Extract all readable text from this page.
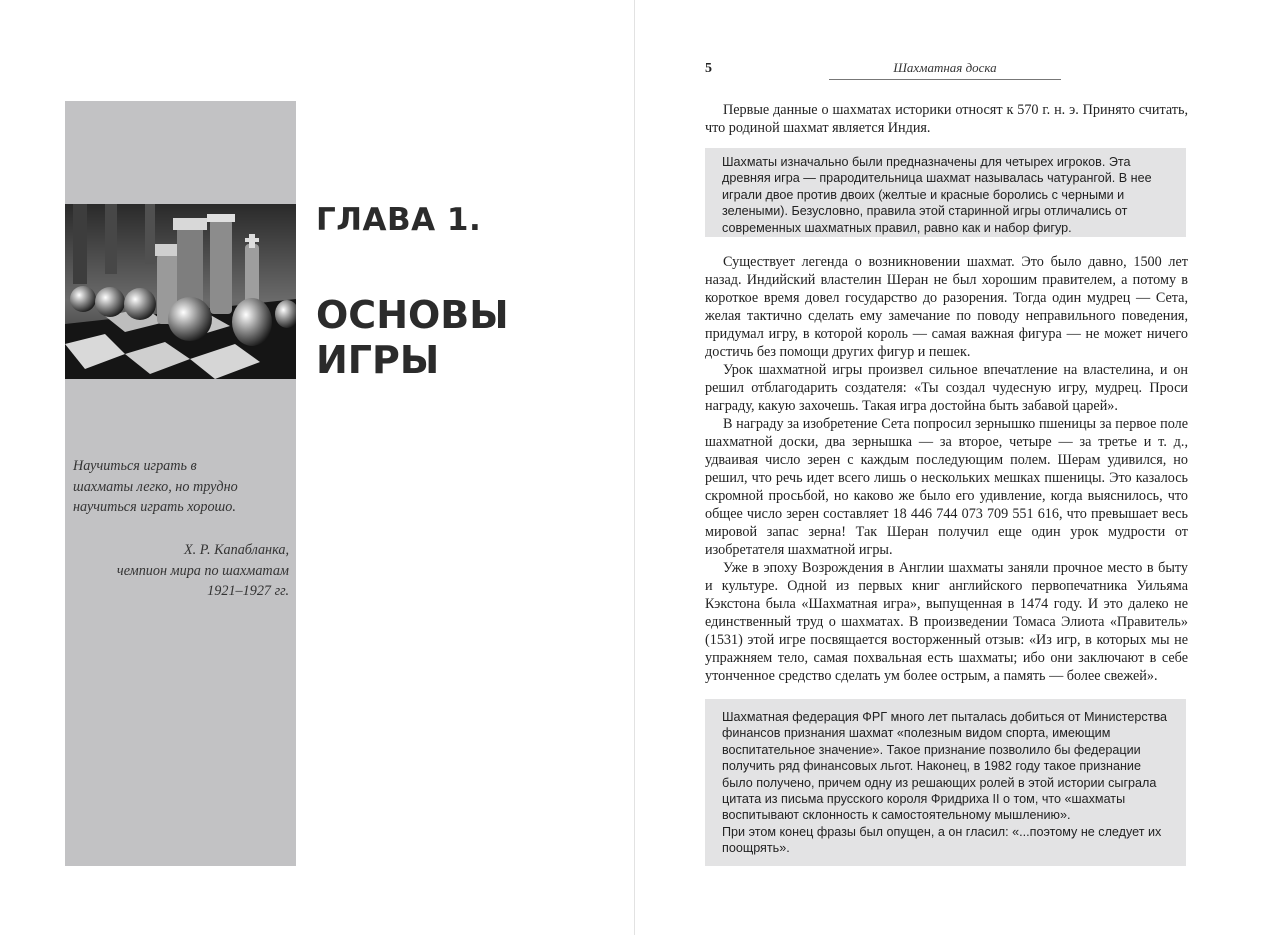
ГЛАВА 1.
ОСНОВЫ
ИГРЫ

Научиться играть в

шахматы легко, но трудно

научиться играть хорошо.

Х. Р. Капабланка,
чемпион мира по шахматам
1921–1927 гг.
5	Шахматная доска

Первые данные о шахматах историки относят к 570 г. н. э. Принято считать, что родиной шахмат является Индия.

Шахматы изначально были предназначены для четырех игроков. Эта древняя игра — прародительница шахмат называлась чатурангой. В нее играли двое против двоих (желтые и красные боролись с черными и зелеными). Безусловно, правила этой старинной игры отличались от современных шахматных правил, равно как и набор фигур.

Существует легенда о возникновении шахмат. Это было давно, 1500 лет назад. Индийский властелин Шеран не был хорошим правителем, а потому в короткое время довел государство до разорения. Тогда один мудрец — Сета, желая тактично сделать ему замечание по поводу неправильного поведения, придумал игру, в которой король — самая важная фигура — не может ничего достичь без помощи других фигур и пешек.

Урок шахматной игры произвел сильное впечатление на властелина, и он решил отблагодарить создателя: «Ты создал чудесную игру, мудрец. Проси награду, какую захочешь. Такая игра достойна быть забавой царей».

В награду за изобретение Сета попросил зернышко пшеницы за первое поле шахматной доски, два зернышка — за второе, четыре — за третье и т. д., удваивая число зерен с каждым последующим полем. Шерам удивился, но решил, что речь идет всего лишь о нескольких мешках пшеницы. Это казалось скромной просьбой, но каково же было его удивление, когда выяснилось, что общее число зерен составляет 18 446 744 073 709 551 616, что превышает весь мировой запас зерна! Так Шеран получил еще один урок мудрости от изобретателя шахматной игры.

Уже в эпоху Возрождения в Англии шахматы заняли прочное место в быту и культуре. Одной из первых книг английского первопечатника Уильяма Кэкстона была «Шахматная игра», выпущенная в 1474 году. И это далеко не единственный труд о шахматах. В произведении Томаса Элиота «Правитель» (1531) этой игре посвящается восторженный отзыв: «Из игр, в которых мы не упражняем тело, самая похвальная есть шахматы; ибо они заключают в себе утонченное средство сделать ум более острым, а память — более свежей».

Шахматная федерация ФРГ много лет пыталась добиться от Министерства финансов признания шахмат «полезным видом спорта, имеющим воспитательное значение». Такое признание позволило бы федерации получить ряд финансовых льгот. Наконец, в 1982 году такое признание было получено, причем одну из решающих ролей в этой истории сыграла цитата из письма прусского короля Фридриха II о том, что «шахматы воспитывают склонность к самостоятельному мышлению».

При этом конец фразы был опущен, а он гласил: «...поэтому не следует их поощрять».
